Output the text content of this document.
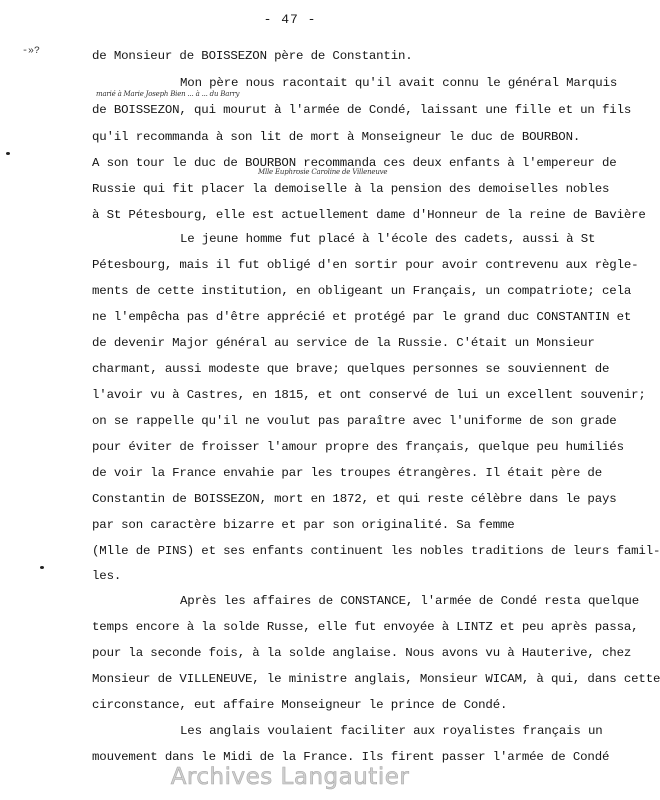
- 47 -
-»?	de Monsieur de BOISSEZON père de Constantin.
Mon père nous racontait qu'il avait connu le général Marquis
de BOISSEZON, qui mourut à l'armée de Condé, laissant une fille et un fils
qu'il recommanda à son lit de mort à Monseigneur le duc de BOURBON.
A son tour le duc de BOURBON recommanda ces deux enfants à l'empereur de
Russie qui fit placer la demoiselle à la pension des demoiselles nobles
à St Pétesbourg, elle est actuellement dame d'Honneur de la reine de Bavière
Le jeune homme fut placé à l'école des cadets, aussi à St
Pétesbourg, mais il fut obligé d'en sortir pour avoir contrevenu aux règle-
ments de cette institution, en obligeant un Français, un compatriote; cela
ne l'empêcha pas d'être apprécié et protégé par le grand duc CONSTANTIN et
de devenir Major général au service de la Russie. C'était un Monsieur
charmant, aussi modeste que brave; quelques personnes se souviennent de
l'avoir vu à Castres, en 1815, et ont conservé de lui un excellent souvenir;
on se rappelle qu'il ne voulut pas paraître avec l'uniforme de son grade
pour éviter de froisser l'amour propre des français, quelque peu humiliés
de voir la France envahie par les troupes étrangères. Il était père de
Constantin de BOISSEZON, mort en 1872, et qui reste célèbre dans le pays
par son caractère bizarre et par son originalité. Sa femme
(Mlle de PINS) et ses enfants continuent les nobles traditions de leurs famil-
les.
Après les affaires de CONSTANCE, l'armée de Condé resta quelque
temps encore à la solde Russe, elle fut envoyée à LINTZ et peu après passa,
pour la seconde fois, à la solde anglaise. Nous avons vu à Hauterive, chez
Monsieur de VILLENEUVE, le ministre anglais, Monsieur WICAM, à qui, dans cette
circonstance, eut affaire Monseigneur le prince de Condé.
Les anglais voulaient faciliter aux royalistes français un
mouvement dans le Midi de la France. Ils firent passer l'armée de Condé
marié à Marie Joseph Bien ... à ... du Barry
Mlle Euphrosie Caroline de Villeneuve
Archives Langautier
